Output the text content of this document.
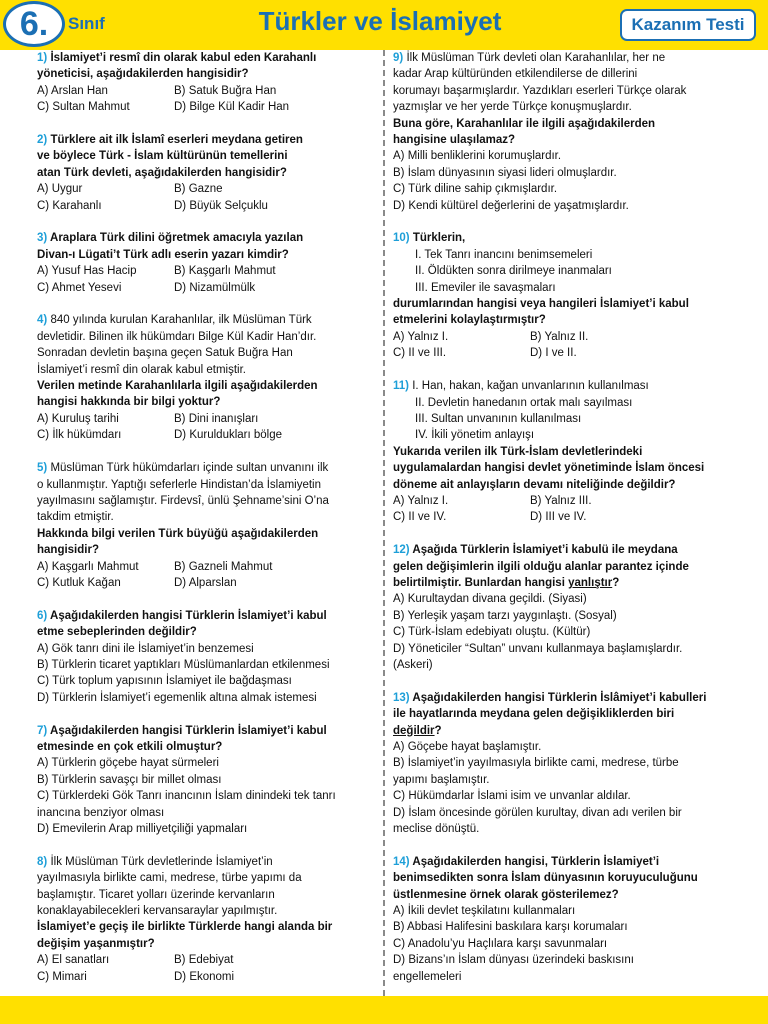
6.	Sınıf	Türkler ve İslamiyet	Kazanım Testi
1) İslamiyet’i resmî din olarak kabul eden Karahanlı
yöneticisi, aşağıdakilerden hangisidir?
A) Arslan Han	B) Satuk Buğra Han
C) Sultan Mahmut	D) Bilge Kül Kadir Han
2) Türklere ait ilk İslamî eserleri meydana getiren
ve böylece Türk - İslam kültürünün temellerini
atan Türk devleti, aşağıdakilerden hangisidir?
A) Uygur	B) Gazne
C) Karahanlı	D) Büyük Selçuklu
3) Araplara Türk dilini öğretmek amacıyla yazılan
Divan-ı Lügati’t Türk adlı eserin yazarı kimdir?
A) Yusuf Has Hacip	B) Kaşgarlı Mahmut
C) Ahmet Yesevi	D) Nizamülmülk
4) 840 yılında kurulan Karahanlılar, ilk Müslüman Türk
devletidir. Bilinen ilk hükümdarı Bilge Kül Kadir Han’dır.
Sonradan devletin başına geçen Satuk Buğra Han
İslamiyet’i resmî din olarak kabul etmiştir.
Verilen metinde Karahanlılarla ilgili aşağıdakilerden
hangisi hakkında bir bilgi yoktur?
A) Kuruluş tarihi	B) Dini inanışları
C) İlk hükümdarı	D) Kuruldukları bölge
5) Müslüman Türk hükümdarları içinde sultan unvanını ilk
o kullanmıştır. Yaptığı seferlerle Hindistan’da İslamiyetin
yayılmasını sağlamıştır. Firdevsî, ünlü Şehname’sini O’na
takdim etmiştir.
Hakkında bilgi verilen Türk büyüğü aşağıdakilerden
hangisidir?
A) Kaşgarlı Mahmut	B) Gazneli Mahmut
C) Kutluk Kağan	D) Alparslan
6) Aşağıdakilerden hangisi Türklerin İslamiyet’i kabul
etme sebeplerinden değildir?
A) Gök tanrı dini ile İslamiyet’in benzemesi
B) Türklerin ticaret yaptıkları Müslümanlardan etkilenmesi
C) Türk toplum yapısının İslamiyet ile bağdaşması
D) Türklerin İslamiyet’i egemenlik altına almak istemesi
7) Aşağıdakilerden hangisi Türklerin İslamiyet’i kabul
etmesinde en çok etkili olmuştur?
A) Türklerin göçebe hayat sürmeleri
B) Türklerin savaşçı bir millet olması
C) Türklerdeki Gök Tanrı inancının İslam dinindeki tek tanrı
inancına benziyor olması
D) Emevilerin Arap milliyetçiliği yapmaları
8) İlk Müslüman Türk devletlerinde İslamiyet’in
yayılmasıyla birlikte cami, medrese, türbe yapımı da
başlamıştır. Ticaret yolları üzerinde kervanların
konaklayabilecekleri kervansaraylar yapılmıştır.
İslamiyet’e geçiş ile birlikte Türklerde hangi alanda bir
değişim yaşanmıştır?
A) El sanatları	B) Edebiyat
C) Mimari	D) Ekonomi
9) İlk Müslüman Türk devleti olan Karahanlılar, her ne
kadar Arap kültüründen etkilendilerse de dillerini
korumayı başarmışlardır. Yazdıkları eserleri Türkçe olarak
yazmışlar ve her yerde Türkçe konuşmuşlardır.
Buna göre, Karahanlılar ile ilgili aşağıdakilerden
hangisine ulaşılamaz?
A) Milli benliklerini korumuşlardır.
B) İslam dünyasının siyasi lideri olmuşlardır.
C) Türk diline sahip çıkmışlardır.
D) Kendi kültürel değerlerini de yaşatmışlardır.
10) Türklerin,
I. Tek Tanrı inancını benimsemeleri
II. Öldükten sonra dirilmeye inanmaları
III. Emeviler ile savaşmaları
durumlarından hangisi veya hangileri İslamiyet’i kabul
etmelerini kolaylaştırmıştır?
A) Yalnız I.	B) Yalnız II.
C) II ve III.	D) I ve II.
11) I. Han, hakan, kağan unvanlarının kullanılması
II. Devletin hanedanın ortak malı sayılması
III. Sultan unvanının kullanılması
IV. İkili yönetim anlayışı
Yukarıda verilen ilk Türk-İslam devletlerindeki
uygulamalardan hangisi devlet yönetiminde İslam öncesi
döneme ait anlayışların devamı niteliğinde değildir?
A) Yalnız I.	B) Yalnız III.
C) II ve IV.	D) III ve IV.
12) Aşağıda Türklerin İslamiyet’i kabulü ile meydana
gelen değişimlerin ilgili olduğu alanlar parantez içinde
belirtilmiştir. Bunlardan hangisi yanlıştır?
A) Kurultaydan divana geçildi. (Siyasi)
B) Yerleşik yaşam tarzı yaygınlaştı. (Sosyal)
C) Türk-İslam edebiyatı oluştu. (Kültür)
D) Yöneticiler “Sultan” unvanı kullanmaya başlamışlardır.
(Askeri)
13) Aşağıdakilerden hangisi Türklerin İslâmiyet’i kabulleri
ile hayatlarında meydana gelen değişikliklerden biri
değildir?
A) Göçebe hayat başlamıştır.
B) İslamiyet’in yayılmasıyla birlikte cami, medrese, türbe
yapımı başlamıştır.
C) Hükümdarlar İslami isim ve unvanlar aldılar.
D) İslam öncesinde görülen kurultay, divan adı verilen bir
meclise dönüştü.
14) Aşağıdakilerden hangisi, Türklerin İslamiyet’i
benimsedikten sonra İslam dünyasının koruyuculuğunu
üstlenmesine örnek olarak gösterilemez?
A) İkili devlet teşkilatını kullanmaları
B) Abbasi Halifesini baskılara karşı korumaları
C) Anadolu’yu Haçlılara karşı savunmaları
D) Bizans’ın İslam dünyası üzerindeki baskısını
engellemeleri
